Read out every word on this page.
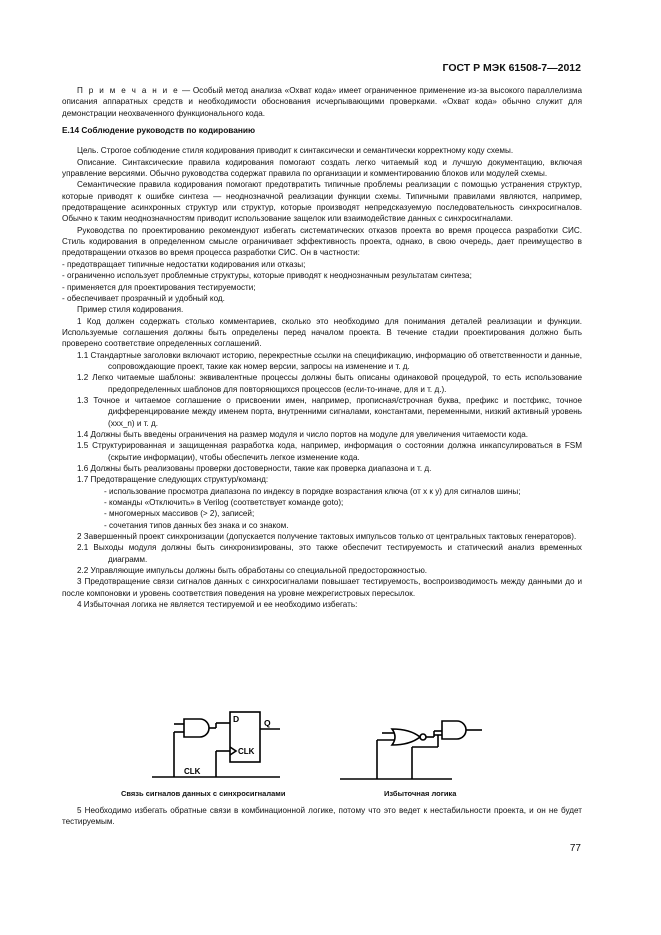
ГОСТ Р МЭК 61508-7—2012

П р и м е ч а н и е — Особый метод анализа «Охват кода» имеет ограниченное применение из-за высокого параллелизма описания аппаратных средств и необходимости обоснования исчерпывающими проверками. «Охват кода» обычно служит для демонстрации неохваченного функционального кода.

Е.14 Соблюдение руководств по кодированию

Цель. Строгое соблюдение стиля кодирования приводит к синтаксически и семантически корректному коду схемы.

Описание. Синтаксические правила кодирования помогают создать легко читаемый код и лучшую документацию, включая управление версиями. Обычно руководства содержат правила по организации и комментированию блоков или модулей схемы.

Семантические правила кодирования помогают предотвратить типичные проблемы реализации с помощью устранения структур, которые приводят к ошибке синтеза — неоднозначной реализации функции схемы. Типичными правилами являются, например, предотвращение асинхронных структур или структур, которые производят непредсказуемую последовательность синхросигналов. Обычно к таким неоднозначностям приводит использование защелок или взаимодействие данных с синхросигналами.

Руководства по проектированию рекомендуют избегать систематических отказов проекта во время процесса разработки СИС. Стиль кодирования в определенном смысле ограничивает эффективность проекта, однако, в свою очередь, дает преимущество в предотвращении отказов во время процесса разработки СИС. Он в частности:

- предотвращает типичные недостатки кодирования или отказы;

- ограниченно использует проблемные структуры, которые приводят к неоднозначным результатам синтеза;

- применяется для проектирования тестируемости;

- обеспечивает прозрачный и удобный код.

Пример стиля кодирования.

1 Код должен содержать столько комментариев, сколько это необходимо для понимания деталей реализации и функции. Используемые соглашения должны быть определены перед началом проекта. В течение стадии проектирования должно быть проверено соответствие определенных соглашений.

1.1 Стандартные заголовки включают историю, перекрестные ссылки на спецификацию, информацию об ответственности и данные, сопровождающие проект, такие как номер версии, запросы на изменение и т. д.

1.2 Легко читаемые шаблоны: эквивалентные процессы должны быть описаны одинаковой процедурой, то есть использование предопределенных шаблонов для повторяющихся процессов (если-то-иначе, для и т. д.).

1.3 Точное и читаемое соглашение о присвоении имен, например, прописная/строчная буква, префикс и постфикс, точное дифференцирование между именем порта, внутренними сигналами, константами, переменными, низкий активный уровень (xxx_n) и т. д.

1.4 Должны быть введены ограничения на размер модуля и число портов на модуле для увеличения читаемости кода.

1.5 Структурированная и защищенная разработка кода, например, информация о состоянии должна инкапсулироваться в FSM (скрытие информации), чтобы обеспечить легкое изменение кода.

1.6 Должны быть реализованы проверки достоверности, такие как проверка диапазона и т. д.

1.7 Предотвращение следующих структур/команд:

- использование просмотра диапазона по индексу в порядке возрастания ключа (от x к y) для сигналов шины;

- команды «Отключить» в Verilog (соответствует команде goto);

- многомерных массивов (> 2), записей;

- сочетания типов данных без знака и со знаком.

2 Завершенный проект синхронизации (допускается получение тактовых импульсов только от центральных тактовых генераторов).

2.1 Выходы модуля должны быть синхронизированы, это также обеспечит тестируемость и статический анализ временных диаграмм.

2.2 Управляющие импульсы должны быть обработаны со специальной предосторожностью.

3 Предотвращение связи сигналов данных с синхросигналами повышает тестируемость, воспроизводимость между данными до и после компоновки и уровень соответствия поведения на уровне межрегистровых пересылок.

4 Избыточная логика не является тестируемой и ее необходимо избегать:

D	Q
CLK
CLK
Связь сигналов данных с синхросигналами	Избыточная логика

5 Необходимо избегать обратные связи в комбинационной логике, потому что это ведет к нестабильности проекта, и он не будет тестируемым.

77
